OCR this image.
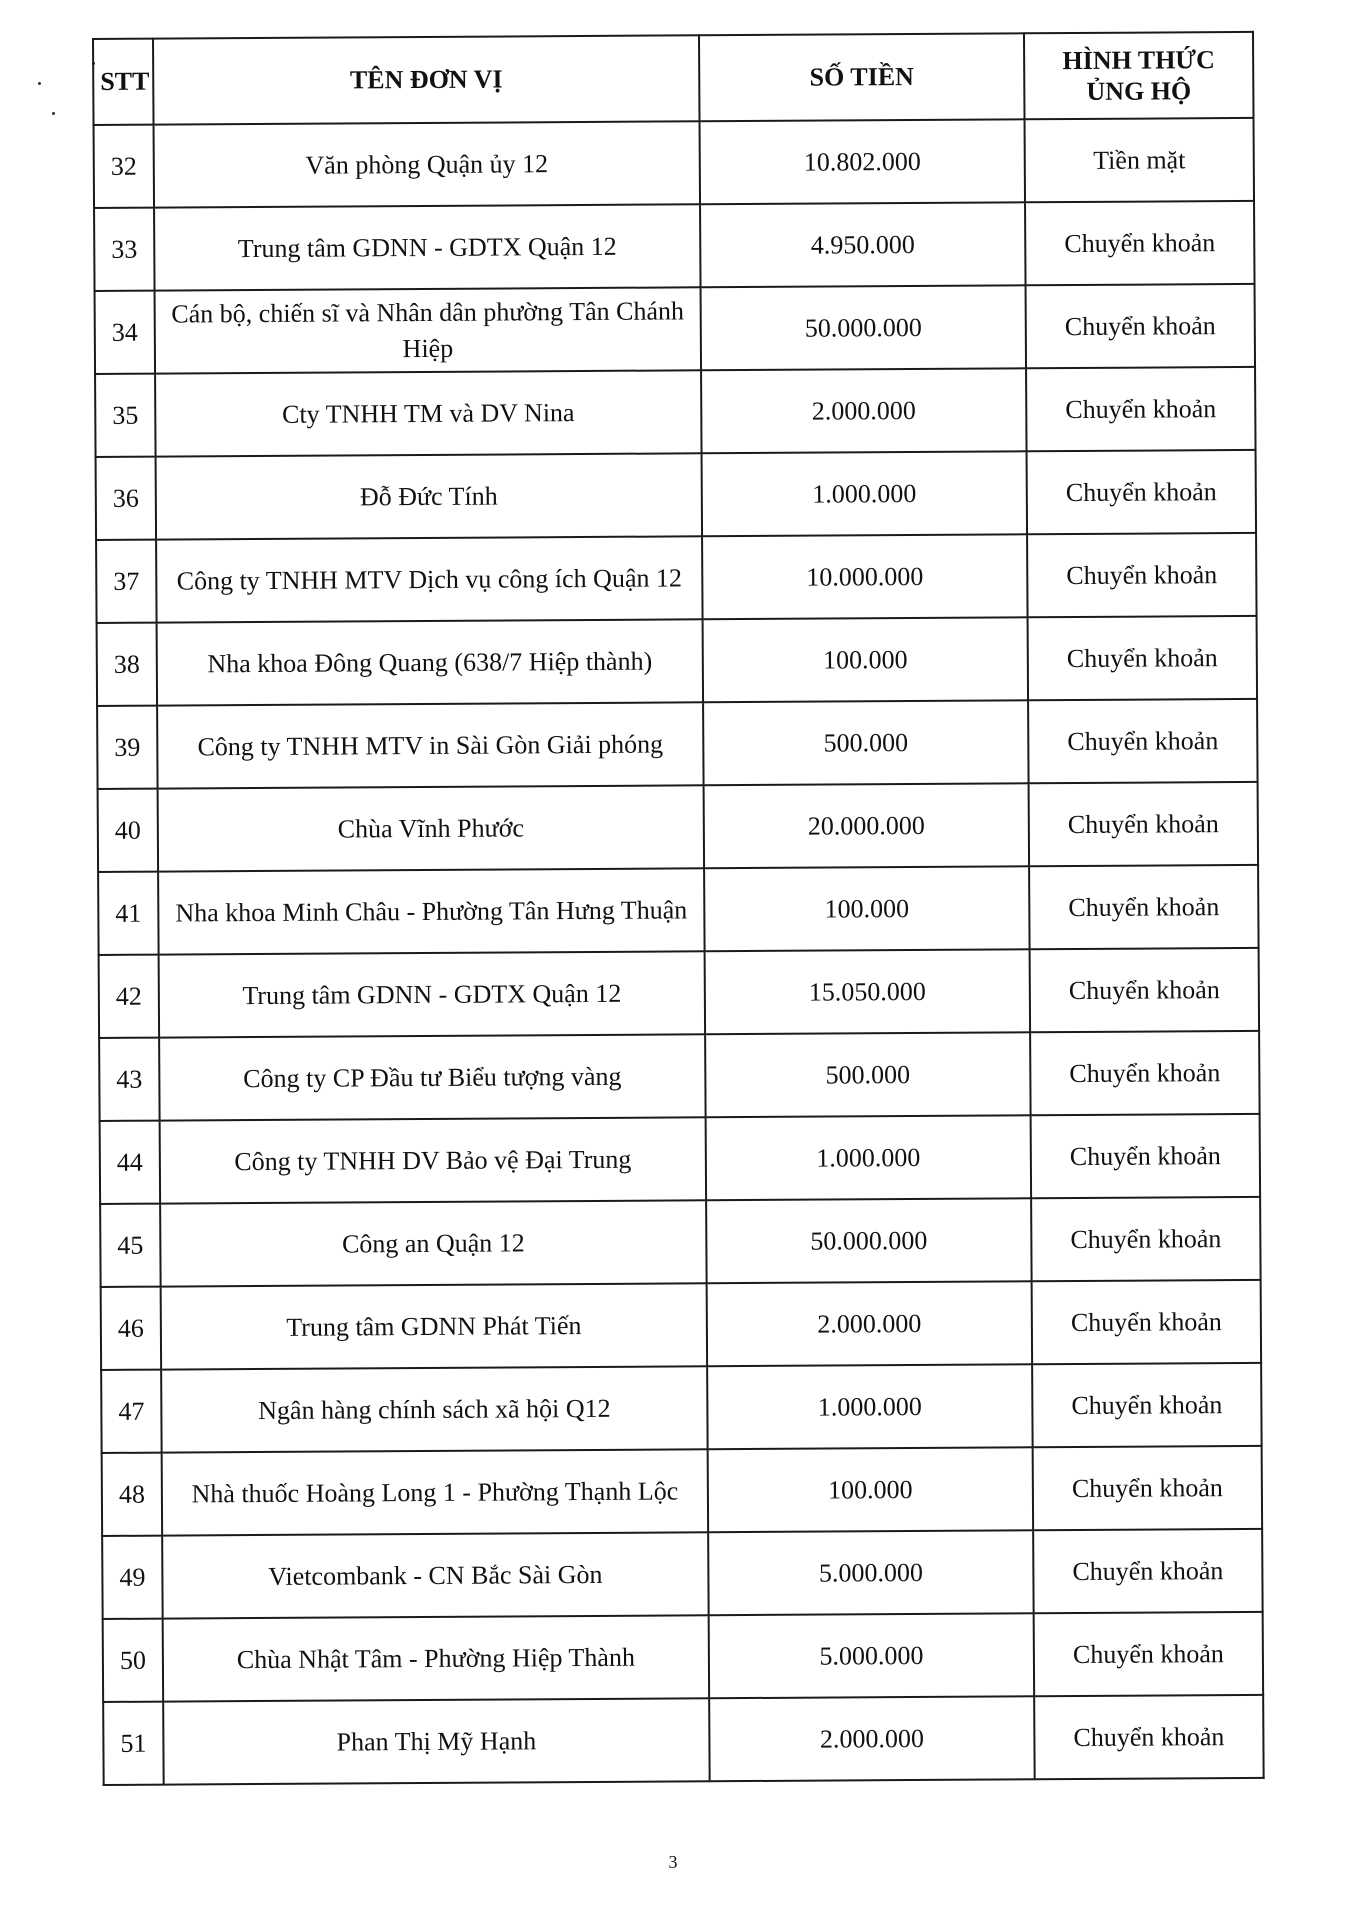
STT	TÊN ĐƠN VỊ	SỐ TIỀN	HÌNH THỨC ỦNG HỘ
32	Văn phòng Quận ủy 12	10.802.000	Tiền mặt
33	Trung tâm GDNN - GDTX Quận 12	4.950.000	Chuyển khoản
34	Cán bộ, chiến sĩ và Nhân dân phường Tân Chánh Hiệp	50.000.000	Chuyển khoản
35	Cty TNHH TM và DV Nina	2.000.000	Chuyển khoản
36	Đỗ Đức Tính	1.000.000	Chuyển khoản
37	Công ty TNHH MTV Dịch vụ công ích Quận 12	10.000.000	Chuyển khoản
38	Nha khoa Đông Quang (638/7 Hiệp thành)	100.000	Chuyển khoản
39	Công ty TNHH MTV in Sài Gòn Giải phóng	500.000	Chuyển khoản
40	Chùa Vĩnh Phước	20.000.000	Chuyển khoản
41	Nha khoa Minh Châu - Phường Tân Hưng Thuận	100.000	Chuyển khoản
42	Trung tâm GDNN - GDTX Quận 12	15.050.000	Chuyển khoản
43	Công ty CP Đầu tư Biểu tượng vàng	500.000	Chuyển khoản
44	Công ty TNHH DV Bảo vệ Đại Trung	1.000.000	Chuyển khoản
45	Công an Quận 12	50.000.000	Chuyển khoản
46	Trung tâm GDNN Phát Tiến	2.000.000	Chuyển khoản
47	Ngân hàng chính sách xã hội Q12	1.000.000	Chuyển khoản
48	Nhà thuốc Hoàng Long 1 - Phường Thạnh Lộc	100.000	Chuyển khoản
49	Vietcombank - CN Bắc Sài Gòn	5.000.000	Chuyển khoản
50	Chùa Nhật Tâm - Phường Hiệp Thành	5.000.000	Chuyển khoản
51	Phan Thị Mỹ Hạnh	2.000.000	Chuyển khoản
3
